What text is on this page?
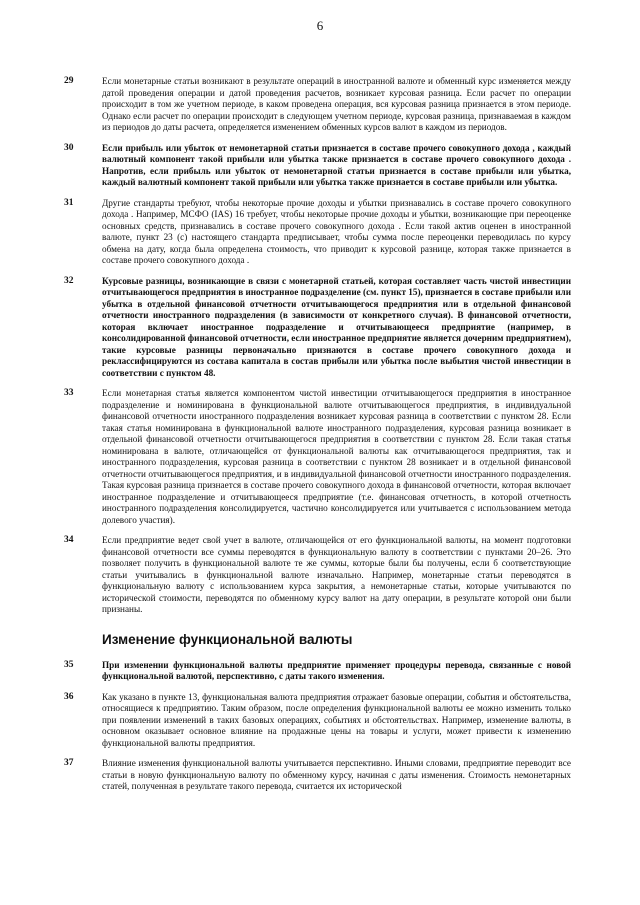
6
29	Если монетарные статьи возникают в результате операций в иностранной валюте и обменный курс изменяется между датой проведения операции и датой проведения расчетов, возникает курсовая разница. Если расчет по операции происходит в том же учетном периоде, в каком проведена операция, вся курсовая разница признается в этом периоде. Однако если расчет по операции происходит в следующем учетном периоде, курсовая разница, признаваемая в каждом из периодов до даты расчета, определяется изменением обменных курсов валют в каждом из периодов.
30	Если прибыль или убыток от немонетарной статьи признается в составе прочего совокупного дохода , каждый валютный компонент такой прибыли или убытка также признается в составе прочего совокупного дохода . Напротив, если прибыль или убыток от немонетарной статьи признается в составе прибыли или убытка, каждый валютный компонент такой прибыли или убытка также признается в составе прибыли или убытка.
31	Другие стандарты требуют, чтобы некоторые прочие доходы и убытки признавались в составе прочего совокупного дохода . Например, МСФО (IAS) 16 требует, чтобы некоторые прочие доходы и убытки, возникающие при переоценке основных средств, признавались в составе прочего совокупного дохода . Если такой актив оценен в иностранной валюте, пункт 23 (c) настоящего стандарта предписывает, чтобы сумма после переоценки переводилась по курсу обмена на дату, когда была определена стоимость, что приводит к курсовой разнице, которая также признается в составе прочего совокупного дохода .
32	Курсовые разницы, возникающие в связи с монетарной статьей, которая составляет часть чистой инвестиции отчитывающегося предприятия в иностранное подразделение (см. пункт 15), признается в составе прибыли или убытка в отдельной финансовой отчетности отчитывающегося предприятия или в отдельной финансовой отчетности иностранного подразделения (в зависимости от конкретного случая). В финансовой отчетности, которая включает иностранное подразделение и отчитывающееся предприятие (например, в консолидированной финансовой отчетности, если иностранное предприятие является дочерним предприятием), такие курсовые разницы первоначально признаются в составе прочего совокупного дохода и реклассифицируются из состава капитала в состав прибыли или убытка после выбытия чистой инвестиции в соответствии с пунктом 48.
33	Если монетарная статья является компонентом чистой инвестиции отчитывающегося предприятия в иностранное подразделение и номинирована в функциональной валюте отчитывающегося предприятия, в индивидуальной финансовой отчетности иностранного подразделения возникает курсовая разница в соответствии с пунктом 28. Если такая статья номинирована в функциональной валюте иностранного подразделения, курсовая разница возникает в отдельной финансовой отчетности отчитывающегося предприятия в соответствии с пунктом 28. Если такая статья номинирована в валюте, отличающейся от функциональной валюты как отчитывающегося предприятия, так и иностранного подразделения, курсовая разница в соответствии с пунктом 28 возникает и в отдельной финансовой отчетности отчитывающегося предприятия, и в индивидуальной финансовой отчетности иностранного подразделения. Такая курсовая разница признается в составе прочего совокупного дохода в финансовой отчетности, которая включает иностранное подразделение и отчитывающееся предприятие (т.е. финансовая отчетность, в которой отчетность иностранного подразделения консолидируется, частично консолидируется или учитывается с использованием метода долевого участия).
34	Если предприятие ведет свой учет в валюте, отличающейся от его функциональной валюты, на момент подготовки финансовой отчетности все суммы переводятся в функциональную валюту в соответствии с пунктами 20–26. Это позволяет получить в функциональной валюте те же суммы, которые были бы получены, если б соответствующие статьи учитывались в функциональной валюте изначально. Например, монетарные статьи переводятся в функциональную валюту с использованием курса закрытия, а немонетарные статьи, которые учитываются по исторической стоимости, переводятся по обменному курсу валют на дату операции, в результате которой они были признаны.
Изменение функциональной валюты
35	При изменении функциональной валюты предприятие применяет процедуры перевода, связанные с новой функциональной валютой, перспективно, с даты такого изменения.
36	Как указано в пункте 13, функциональная валюта предприятия отражает базовые операции, события и обстоятельства, относящиеся к предприятию. Таким образом, после определения функциональной валюты ее можно изменить только при появлении изменений в таких базовых операциях, событиях и обстоятельствах. Например, изменение валюты, в основном оказывает основное влияние на продажные цены на товары и услуги, может привести к изменению функциональной валюты предприятия.
37	Влияние изменения функциональной валюты учитывается перспективно. Иными словами, предприятие переводит все статьи в новую функциональную валюту по обменному курсу, начиная с даты изменения. Стоимость немонетарных статей, полученная в результате такого перевода, считается их исторической
